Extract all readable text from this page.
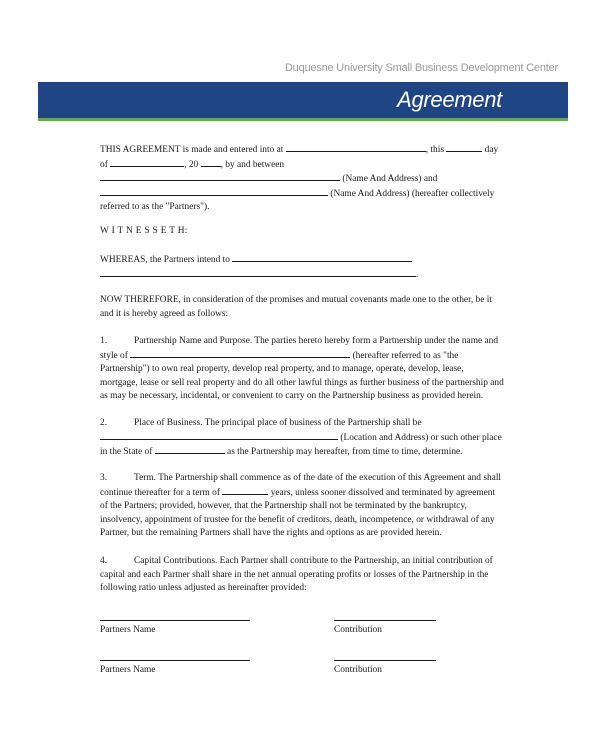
Duquesne University Small Business Development Center
Agreement
THIS AGREEMENT is made and entered into at	, this	day
of	, 20 , by and between
(Name And Address) and
(Name And Address) (hereafter collectively
referred to as the "Partners").
W I T N E S S E T H:
WHEREAS, the Partners intend to
.
NOW THEREFORE, in consideration of the promises and mutual covenants made one to the other, be it
and it is hereby agreed as follows:
1.	Partnership Name and Purpose. The parties hereto hereby form a Partnership under the name and
style of	(hereafter referred to as "the
Partnership") to own real property, develop real property, and to manage, operate, develop, lease,
mortgage, lease or sell real property and do all other lawful things as further business of the partnership and
as may be necessary, incidental, or convenient to carry on the Partnership business as provided herein.
2.	Place of Business. The principal place of business of the Partnership shall be
(Location and Address) or such other place
in the State of	as the Partnership may hereafter, from time to time, determine.
3.	Term. The Partnership shall commence as of the date of the execution of this Agreement and shall
continue thereafter for a term of	years, unless sooner dissolved and terminated by agreement
of the Partners; provided, however, that the Partnership shall not be terminated by the bankruptcy,
insolvency, appointment of trustee for the benefit of creditors, death, incompetence, or withdrawal of any
Partner, but the remaining Partners shall have the rights and options as are provided herein.
4.	Capital Contributions. Each Partner shall contribute to the Partnership, an initial contribution of
capital and each Partner shall share in the net annual operating profits or losses of the Partnership in the
following ratio unless adjusted as hereinafter provided:
Partners Name	Contribution
Partners Name	Contribution
